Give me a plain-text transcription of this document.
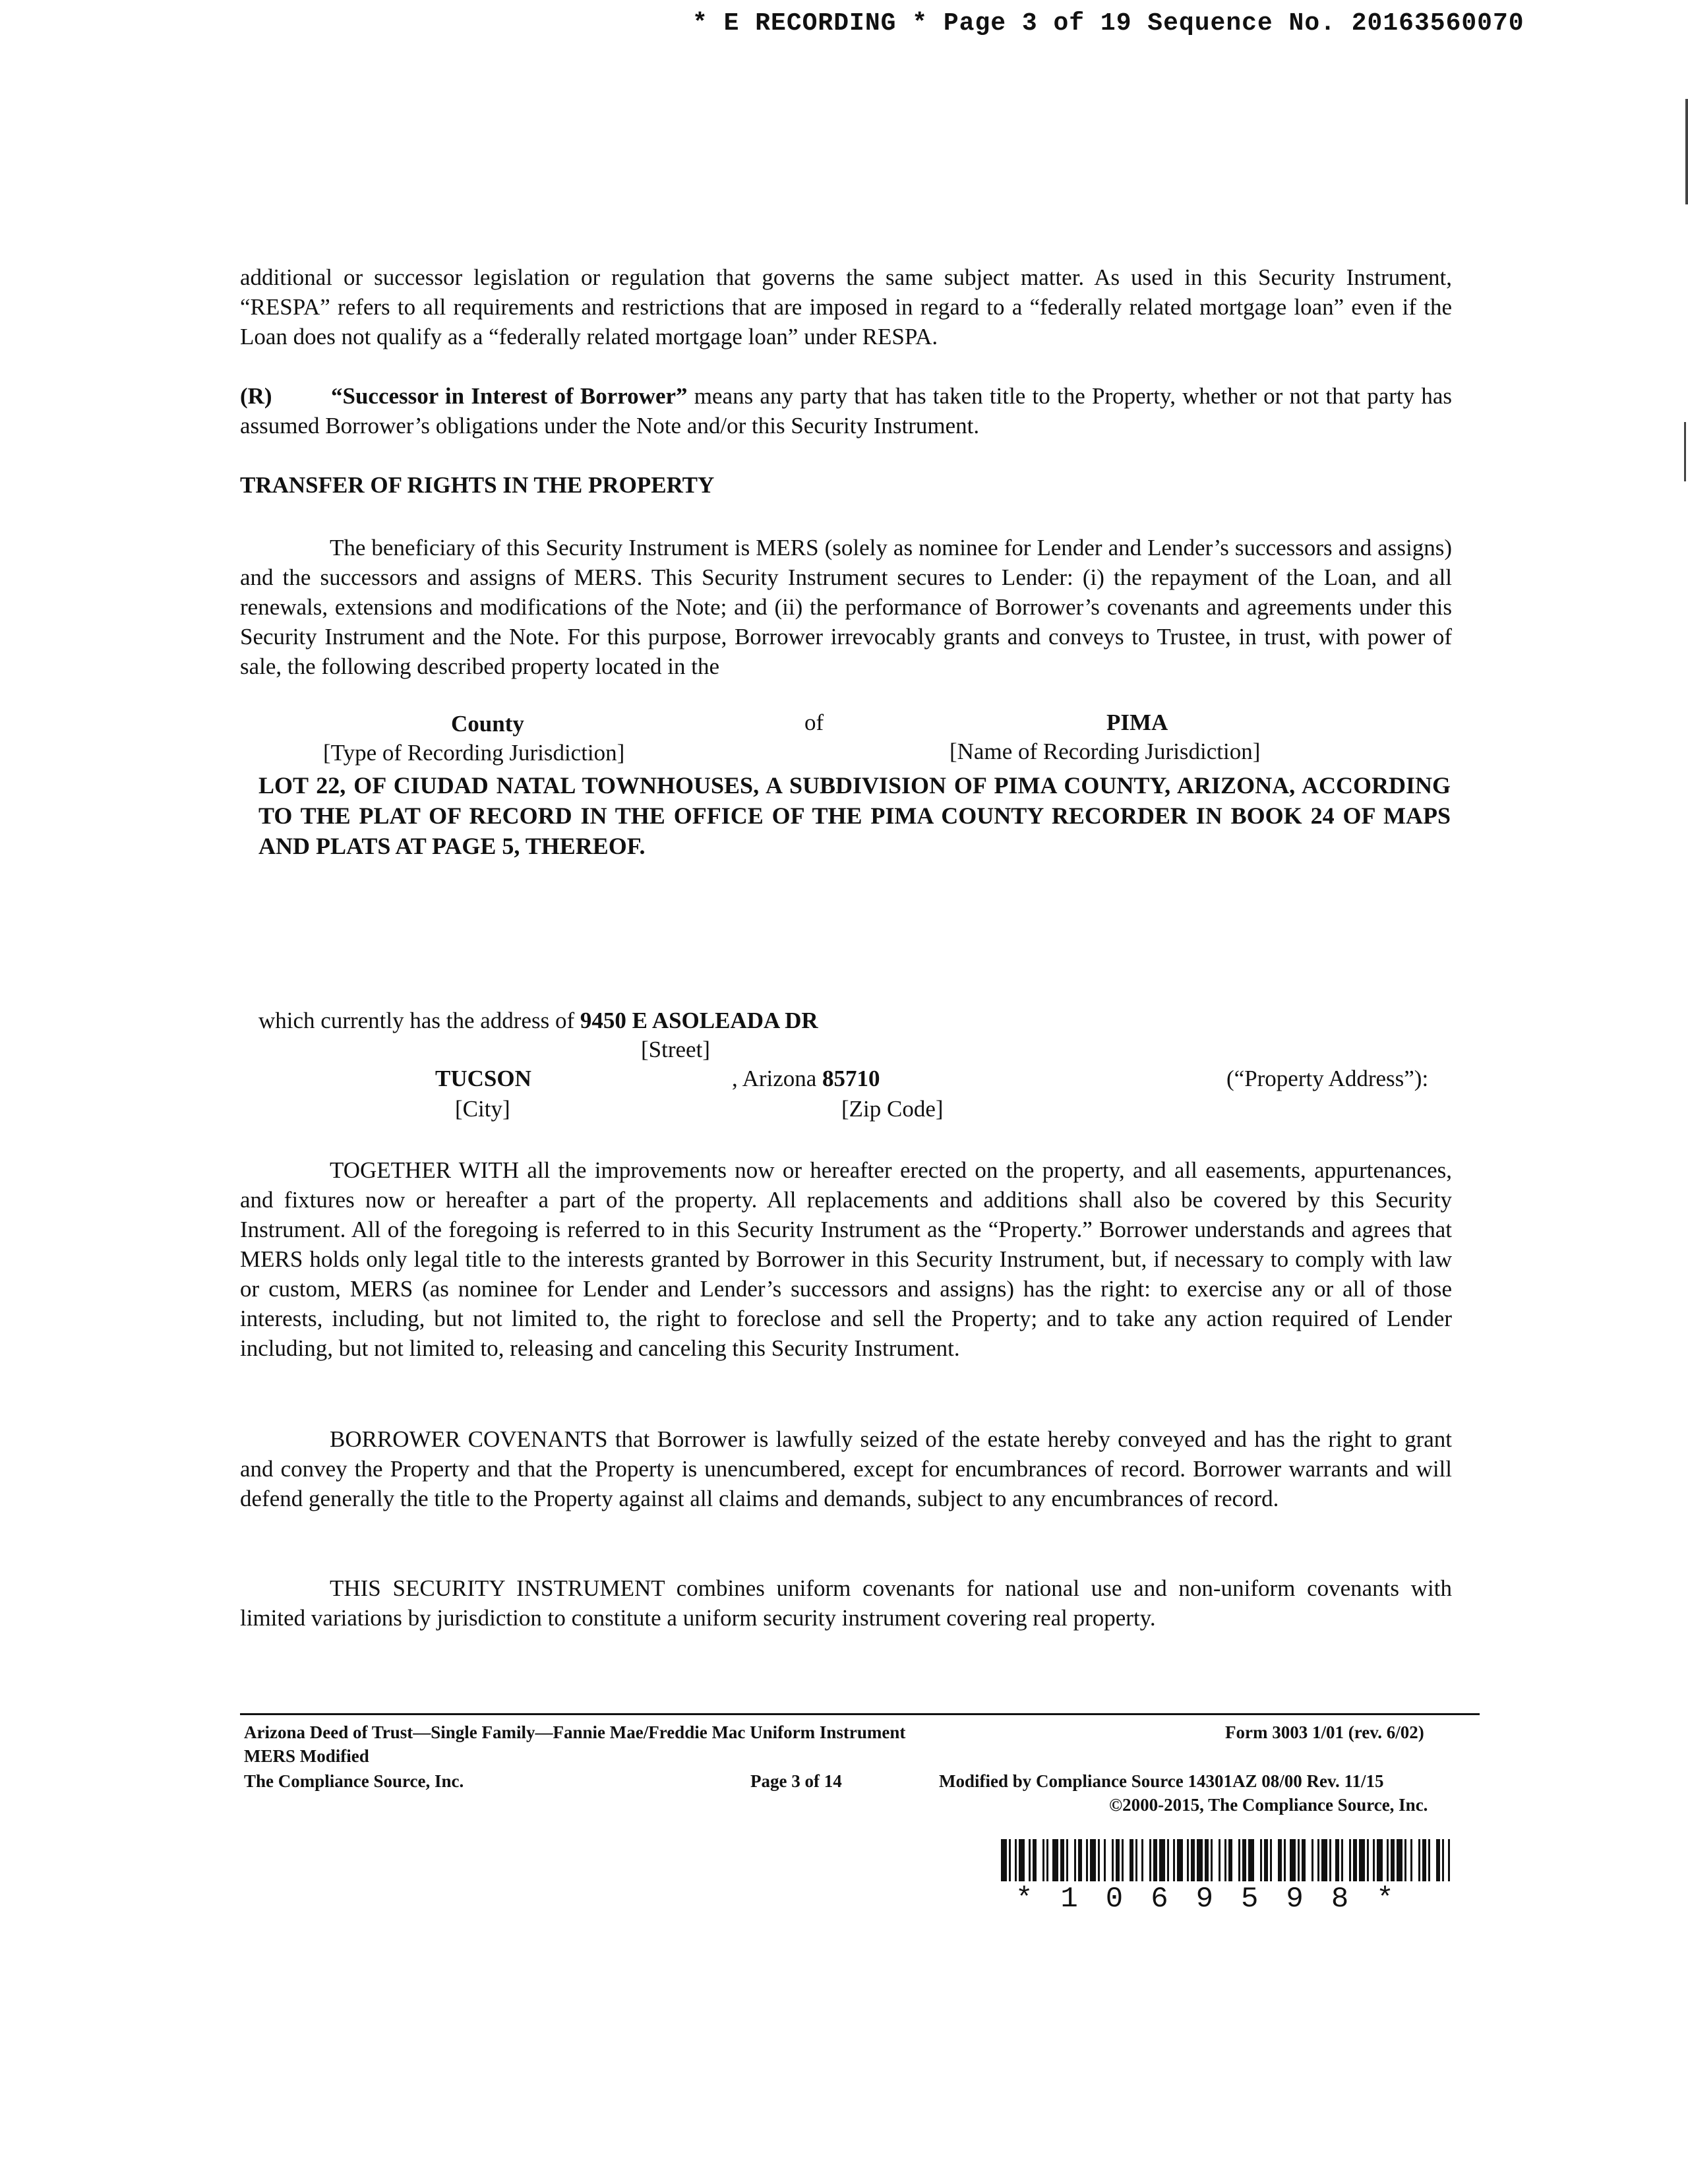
* E RECORDING * Page 3 of 19 Sequence No. 20163560070
additional or successor legislation or regulation that governs the same subject matter. As used in this Security Instrument, “RESPA” refers to all requirements and restrictions that are imposed in regard to a “federally related mortgage loan” even if the Loan does not qualify as a “federally related mortgage loan” under RESPA.
(R)	“Successor in Interest of Borrower” means any party that has taken title to the Property, whether or not that party has assumed Borrower’s obligations under the Note and/or this Security Instrument.
TRANSFER OF RIGHTS IN THE PROPERTY
The beneficiary of this Security Instrument is MERS (solely as nominee for Lender and Lender’s successors and assigns) and the successors and assigns of MERS. This Security Instrument secures to Lender: (i) the repayment of the Loan, and all renewals, extensions and modifications of the Note; and (ii) the performance of Borrower’s covenants and agreements under this Security Instrument and the Note. For this purpose, Borrower irrevocably grants and conveys to Trustee, in trust, with power of sale, the following described property located in the
County	of	PIMA
[Type of Recording Jurisdiction]	[Name of Recording Jurisdiction]
LOT 22, OF CIUDAD NATAL TOWNHOUSES, A SUBDIVISION OF PIMA COUNTY, ARIZONA, ACCORDING TO THE PLAT OF RECORD IN THE OFFICE OF THE PIMA COUNTY RECORDER IN BOOK 24 OF MAPS AND PLATS AT PAGE 5, THEREOF.
which currently has the address of 9450 E ASOLEADA DR
[Street]
TUCSON	, Arizona 85710	(“Property Address”):
[City]	[Zip Code]
TOGETHER WITH all the improvements now or hereafter erected on the property, and all easements, appurtenances, and fixtures now or hereafter a part of the property. All replacements and additions shall also be covered by this Security Instrument. All of the foregoing is referred to in this Security Instrument as the “Property.” Borrower understands and agrees that MERS holds only legal title to the interests granted by Borrower in this Security Instrument, but, if necessary to comply with law or custom, MERS (as nominee for Lender and Lender’s successors and assigns) has the right: to exercise any or all of those interests, including, but not limited to, the right to foreclose and sell the Property; and to take any action required of Lender including, but not limited to, releasing and canceling this Security Instrument.
BORROWER COVENANTS that Borrower is lawfully seized of the estate hereby conveyed and has the right to grant and convey the Property and that the Property is unencumbered, except for encumbrances of record. Borrower warrants and will defend generally the title to the Property against all claims and demands, subject to any encumbrances of record.
THIS SECURITY INSTRUMENT combines uniform covenants for national use and non-uniform covenants with limited variations by jurisdiction to constitute a uniform security instrument covering real property.
Arizona Deed of Trust—Single Family—Fannie Mae/Freddie Mac Uniform Instrument	Form 3003 1/01 (rev. 6/02)
MERS Modified
The Compliance Source, Inc.	Page 3 of 14	Modified by Compliance Source 14301AZ 08/00 Rev. 11/15
©2000-2015, The Compliance Source, Inc.
*1069598*
